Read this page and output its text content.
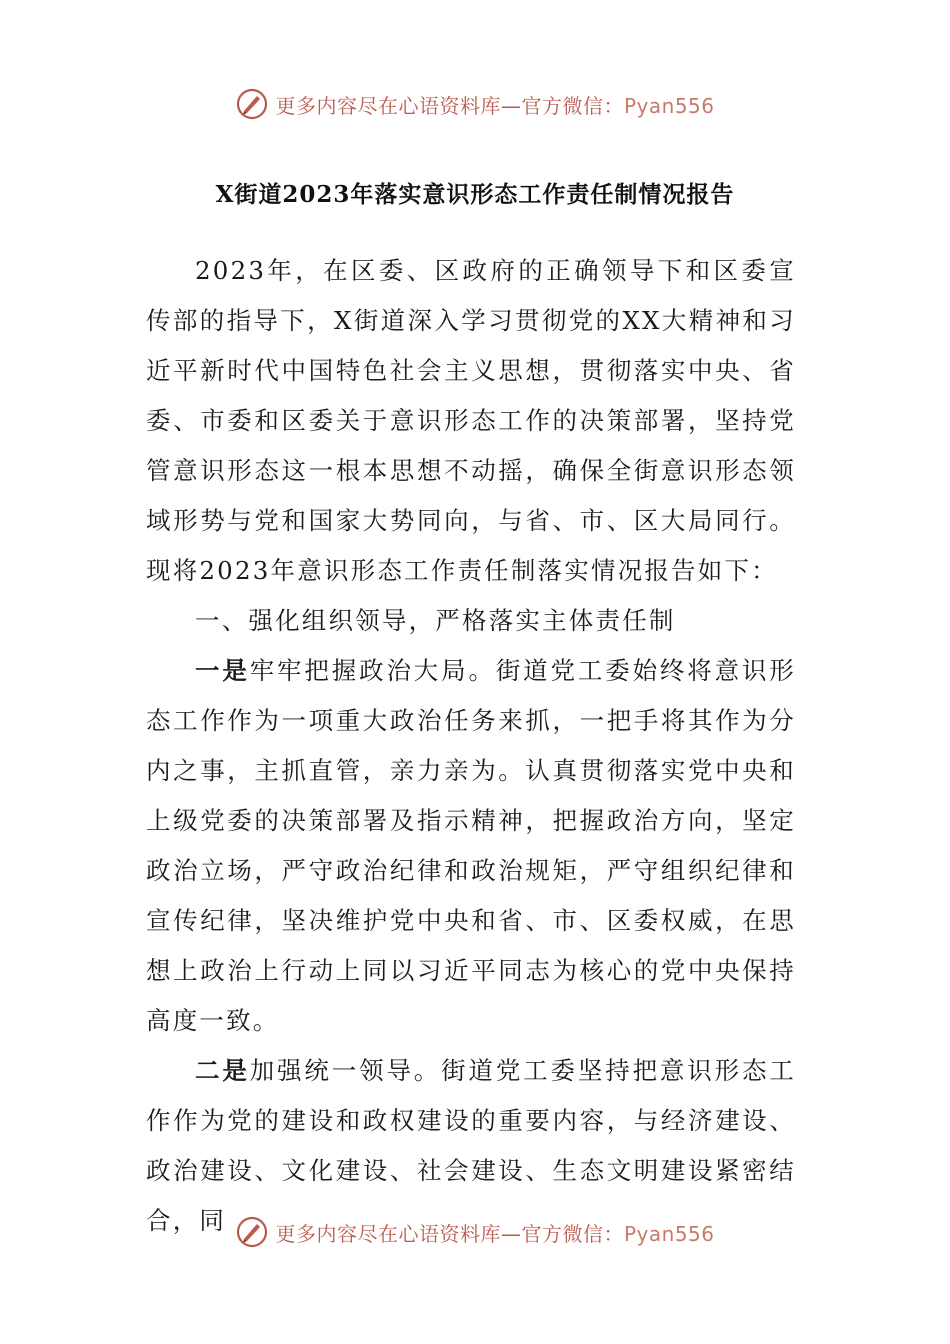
更多内容尽在心语资料库—官方微信：Pyan556
X街道2023年落实意识形态工作责任制情况报告

2023年，在区委、区政府的正确领导下和区委宣传部的指导下，X街道深入学习贯彻党的XX大精神和习近平新时代中国特色社会主义思想，贯彻落实中央、省委、市委和区委关于意识形态工作的决策部署，坚持党管意识形态这一根本思想不动摇，确保全街意识形态领域形势与党和国家大势同向，与省、市、区大局同行。现将2023年意识形态工作责任制落实情况报告如下：

一、强化组织领导，严格落实主体责任制

一是牢牢把握政治大局。街道党工委始终将意识形态工作作为一项重大政治任务来抓，一把手将其作为分内之事，主抓直管，亲力亲为。认真贯彻落实党中央和上级党委的决策部署及指示精神，把握政治方向，坚定政治立场，严守政治纪律和政治规矩，严守组织纪律和宣传纪律，坚决维护党中央和省、市、区委权威，在思想上政治上行动上同以习近平同志为核心的党中央保持高度一致。

二是加强统一领导。街道党工委坚持把意识形态工作作为党的建设和政权建设的重要内容，与经济建设、政治建设、文化建设、社会建设、生态文明建设紧密结合，同	更多内容尽在心语资料库—官方微信：Pyan556
